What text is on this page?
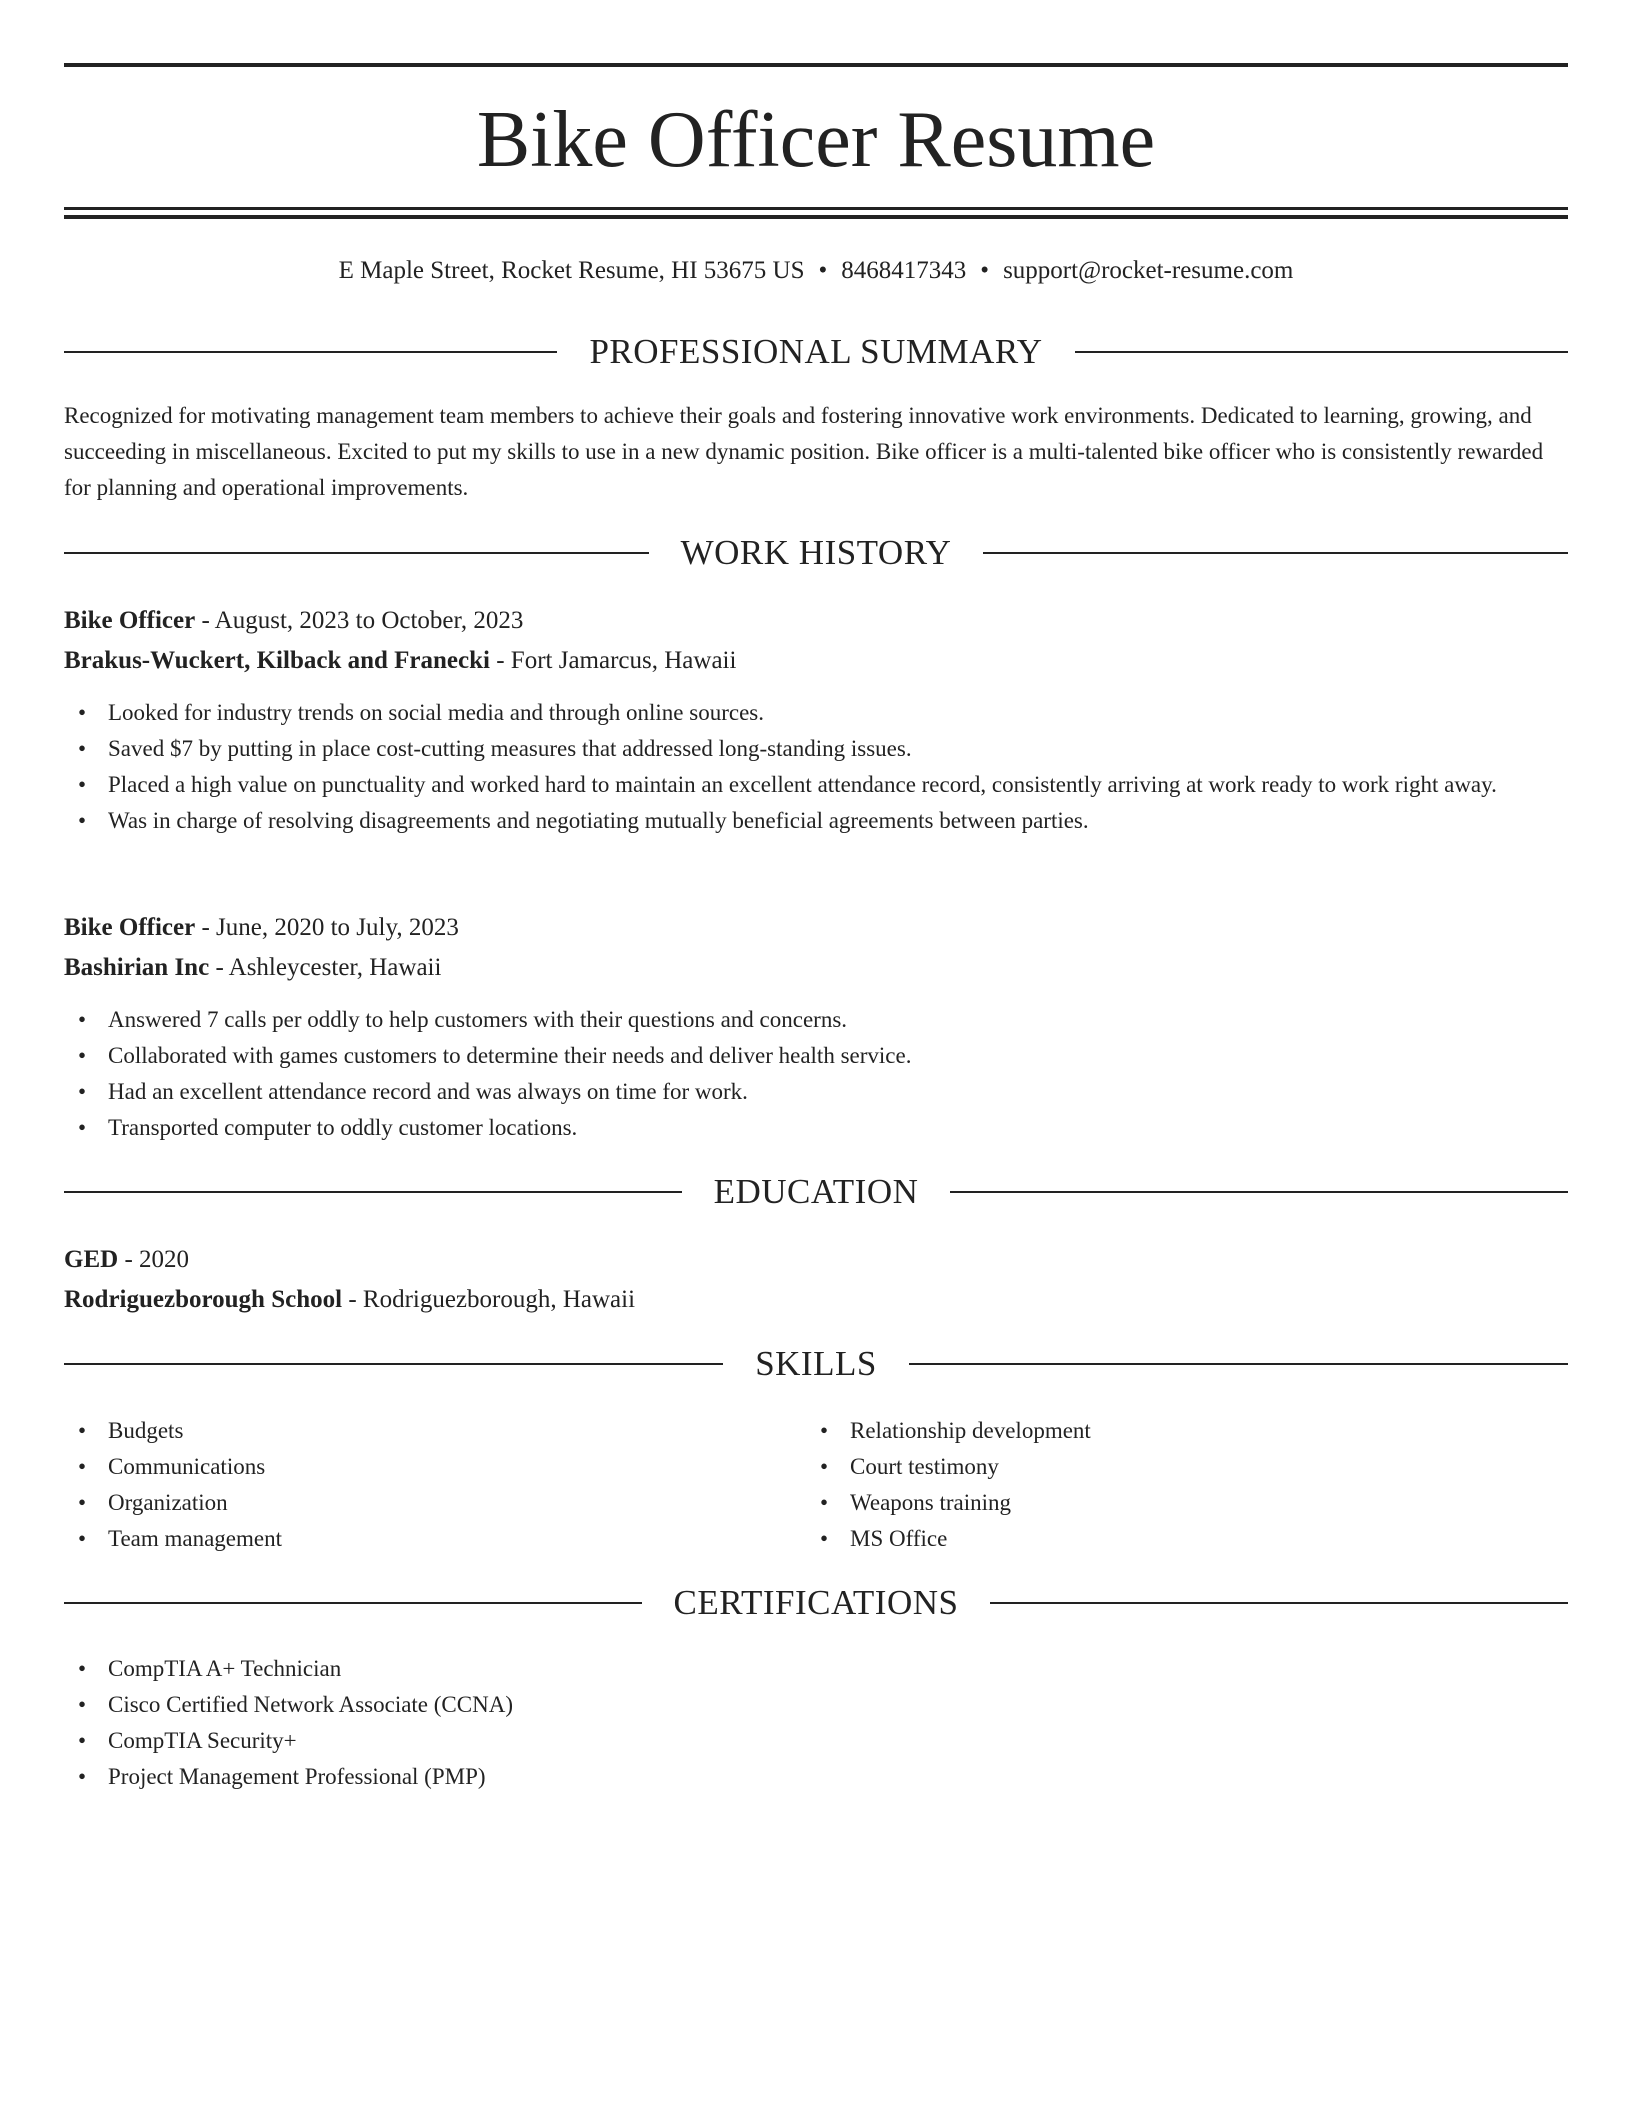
Bike Officer Resume
E Maple Street, Rocket Resume, HI 53675 US • 8468417343 • support@rocket-resume.com
PROFESSIONAL SUMMARY
Recognized for motivating management team members to achieve their goals and fostering innovative work environments. Dedicated to learning, growing, and succeeding in miscellaneous. Excited to put my skills to use in a new dynamic position. Bike officer is a multi-talented bike officer who is consistently rewarded for planning and operational improvements.
WORK HISTORY
Bike Officer - August, 2023 to October, 2023
Brakus-Wuckert, Kilback and Franecki - Fort Jamarcus, Hawaii
• Looked for industry trends on social media and through online sources.
• Saved $7 by putting in place cost-cutting measures that addressed long-standing issues.
• Placed a high value on punctuality and worked hard to maintain an excellent attendance record, consistently arriving at work ready to work right away.
• Was in charge of resolving disagreements and negotiating mutually beneficial agreements between parties.
Bike Officer - June, 2020 to July, 2023
Bashirian Inc - Ashleycester, Hawaii
• Answered 7 calls per oddly to help customers with their questions and concerns.
• Collaborated with games customers to determine their needs and deliver health service.
• Had an excellent attendance record and was always on time for work.
• Transported computer to oddly customer locations.
EDUCATION
GED - 2020
Rodriguezborough School - Rodriguezborough, Hawaii
SKILLS
• Budgets
• Communications
• Organization
• Team management
• Relationship development
• Court testimony
• Weapons training
• MS Office
CERTIFICATIONS
• CompTIA A+ Technician
• Cisco Certified Network Associate (CCNA)
• CompTIA Security+
• Project Management Professional (PMP)
